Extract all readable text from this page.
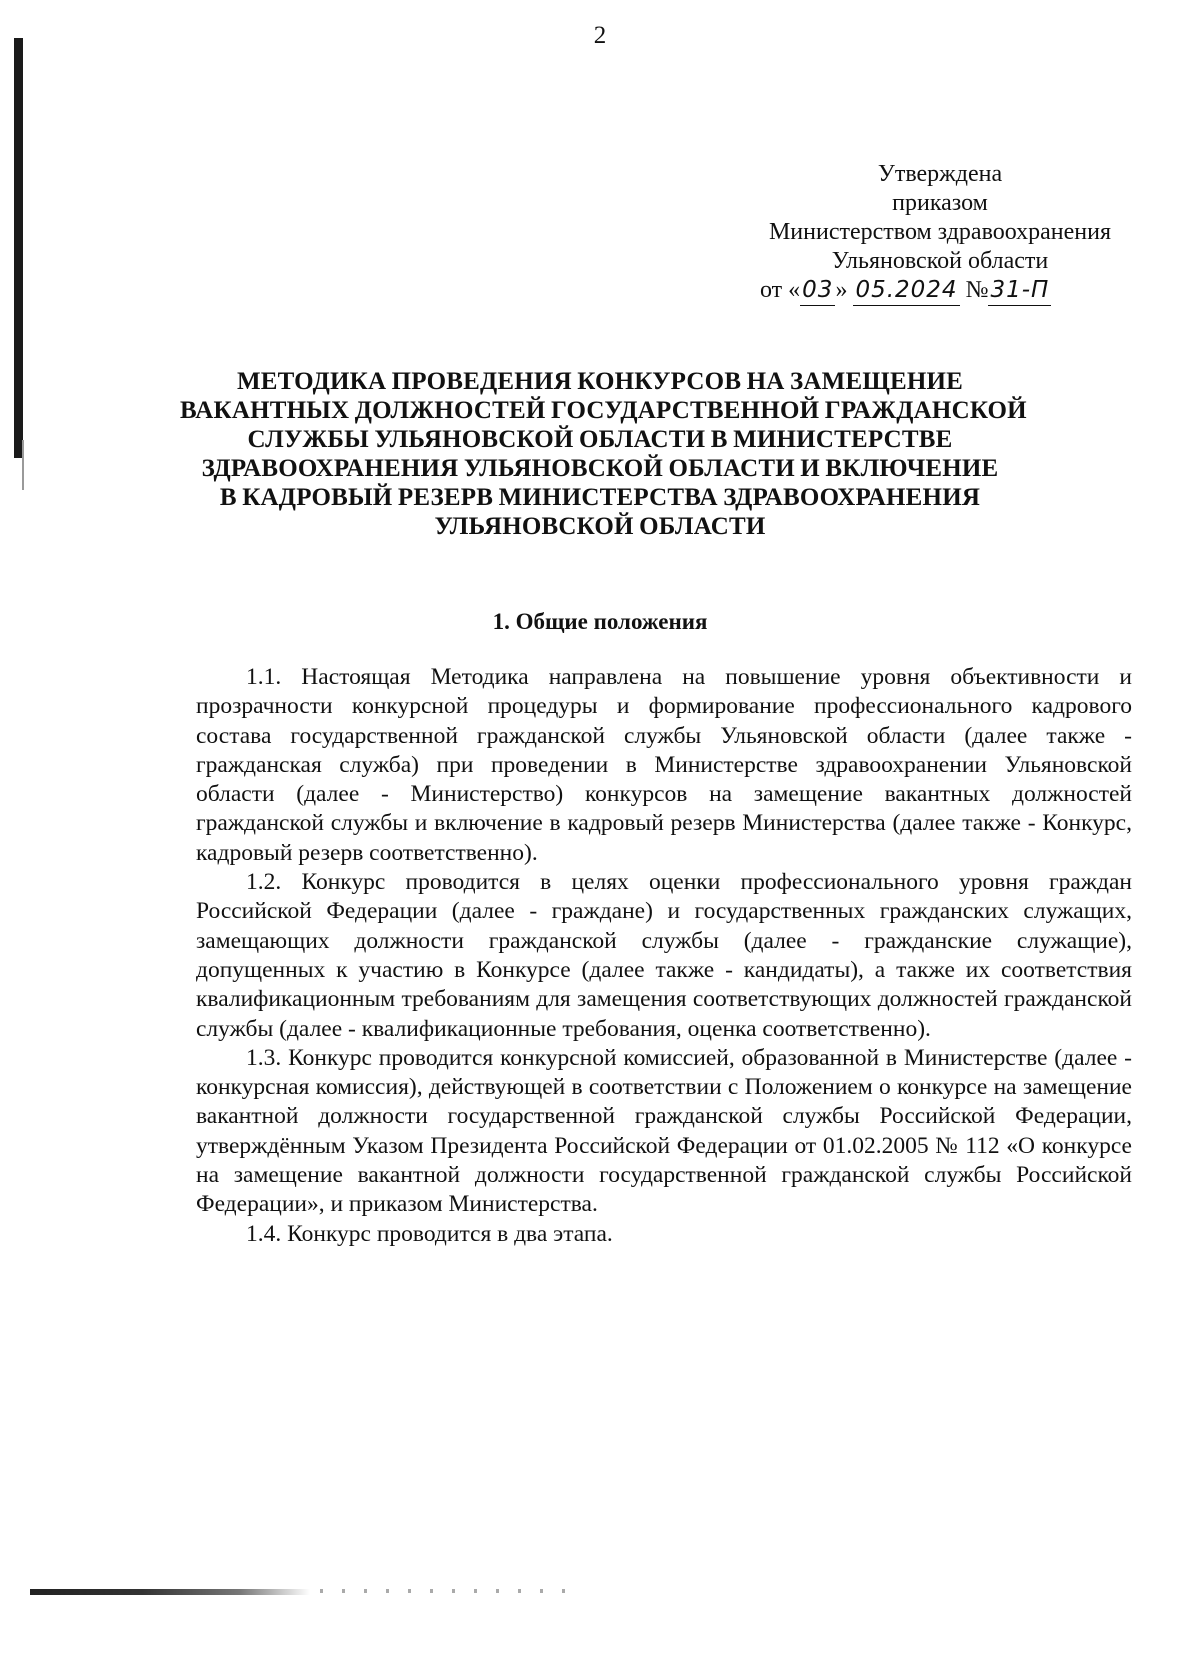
2
Утверждена
приказом
Министерством здравоохранения
Ульяновской области
от «03» 05.2024 №31-П
МЕТОДИКА ПРОВЕДЕНИЯ КОНКУРСОВ НА ЗАМЕЩЕНИЕ
ВАКАНТНЫХ ДОЛЖНОСТЕЙ ГОСУДАРСТВЕННОЙ ГРАЖДАНСКОЙ
СЛУЖБЫ УЛЬЯНОВСКОЙ ОБЛАСТИ В МИНИСТЕРСТВЕ
ЗДРАВООХРАНЕНИЯ УЛЬЯНОВСКОЙ ОБЛАСТИ И ВКЛЮЧЕНИЕ
В КАДРОВЫЙ РЕЗЕРВ МИНИСТЕРСТВА ЗДРАВООХРАНЕНИЯ
УЛЬЯНОВСКОЙ ОБЛАСТИ
1. Общие положения

1.1. Настоящая Методика направлена на повышение уровня объективности и прозрачности конкурсной процедуры и формирование профессионального кадрового состава государственной гражданской службы Ульяновской области (далее также - гражданская служба) при проведении в Министерстве здравоохранении Ульяновской области (далее - Министерство) конкурсов на замещение вакантных должностей гражданской службы и включение в кадровый резерв Министерства (далее также - Конкурс, кадровый резерв соответственно).

1.2. Конкурс проводится в целях оценки профессионального уровня граждан Российской Федерации (далее - граждане) и государственных гражданских служащих, замещающих должности гражданской службы (далее - гражданские служащие), допущенных к участию в Конкурсе (далее также - кандидаты), а также их соответствия квалификационным требованиям для замещения соответствующих должностей гражданской службы (далее - квалификационные требования, оценка соответственно).

1.3. Конкурс проводится конкурсной комиссией, образованной в Министерстве (далее - конкурсная комиссия), действующей в соответствии с Положением о конкурсе на замещение вакантной должности государственной гражданской службы Российской Федерации, утверждённым Указом Президента Российской Федерации от 01.02.2005 № 112 «О конкурсе на замещение вакантной должности государственной гражданской службы Российской Федерации», и приказом Министерства.

1.4. Конкурс проводится в два этапа.
